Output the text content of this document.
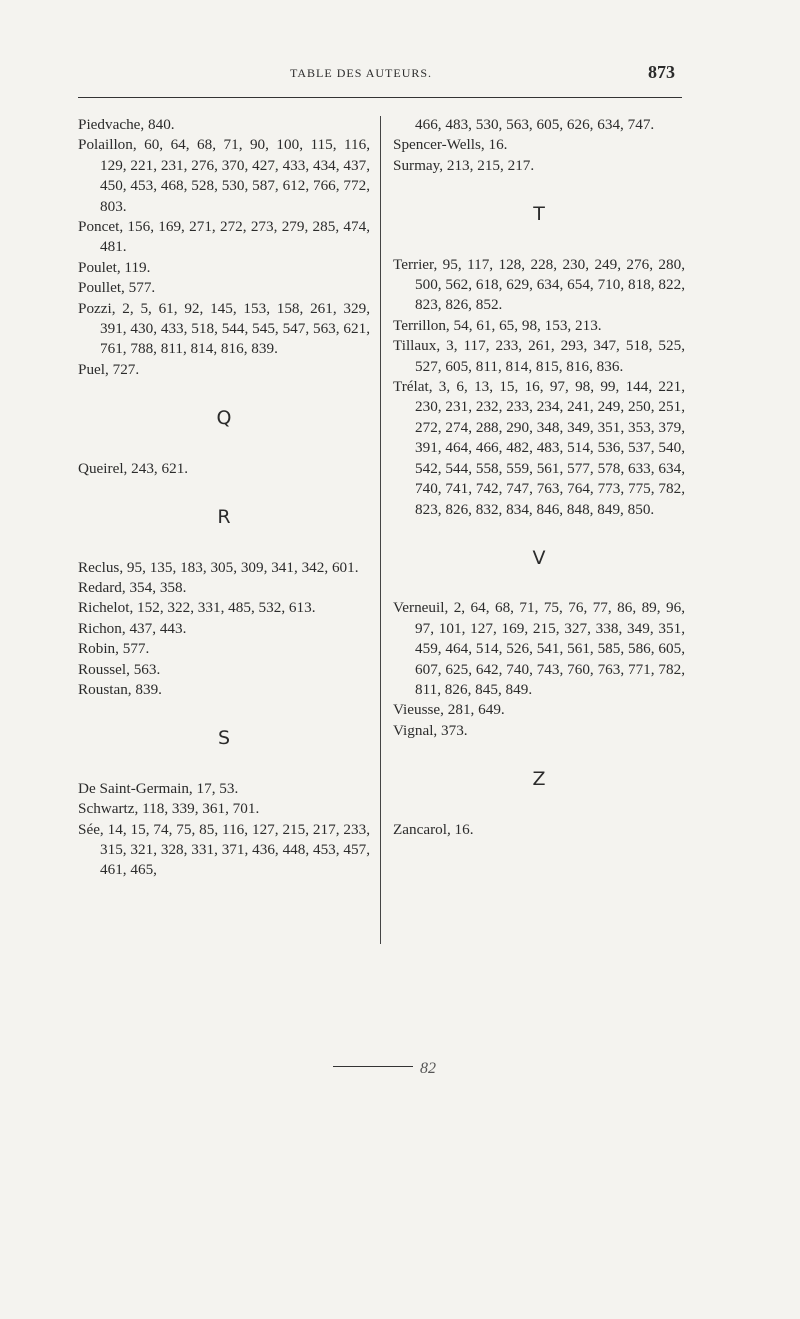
TABLE DES AUTEURS.	873
Piedvache, 840.
Polaillon, 60, 64, 68, 71, 90, 100, 115, 116, 129, 221, 231, 276, 370, 427, 433, 434, 437, 450, 453, 468, 528, 530, 587, 612, 766, 772, 803.
Poncet, 156, 169, 271, 272, 273, 279, 285, 474, 481.
Poulet, 119.
Poullet, 577.
Pozzi, 2, 5, 61, 92, 145, 153, 158, 261, 329, 391, 430, 433, 518, 544, 545, 547, 563, 621, 761, 788, 811, 814, 816, 839.
Puel, 727.
Q
Queirel, 243, 621.
R
Reclus, 95, 135, 183, 305, 309, 341, 342, 601.
Redard, 354, 358.
Richelot, 152, 322, 331, 485, 532, 613.
Richon, 437, 443.
Robin, 577.
Roussel, 563.
Roustan, 839.
S
De Saint-Germain, 17, 53.
Schwartz, 118, 339, 361, 701.
Sée, 14, 15, 74, 75, 85, 116, 127, 215, 217, 233, 315, 321, 328, 331, 371, 436, 448, 453, 457, 461, 465,
466, 483, 530, 563, 605, 626, 634, 747.
Spencer-Wells, 16.
Surmay, 213, 215, 217.
T
Terrier, 95, 117, 128, 228, 230, 249, 276, 280, 500, 562, 618, 629, 634, 654, 710, 818, 822, 823, 826, 852.
Terrillon, 54, 61, 65, 98, 153, 213.
Tillaux, 3, 117, 233, 261, 293, 347, 518, 525, 527, 605, 811, 814, 815, 816, 836.
Trélat, 3, 6, 13, 15, 16, 97, 98, 99, 144, 221, 230, 231, 232, 233, 234, 241, 249, 250, 251, 272, 274, 288, 290, 348, 349, 351, 353, 379, 391, 464, 466, 482, 483, 514, 536, 537, 540, 542, 544, 558, 559, 561, 577, 578, 633, 634, 740, 741, 742, 747, 763, 764, 773, 775, 782, 823, 826, 832, 834, 846, 848, 849, 850.
V
Verneuil, 2, 64, 68, 71, 75, 76, 77, 86, 89, 96, 97, 101, 127, 169, 215, 327, 338, 349, 351, 459, 464, 514, 526, 541, 561, 585, 586, 605, 607, 625, 642, 740, 743, 760, 763, 771, 782, 811, 826, 845, 849.
Vieusse, 281, 649.
Vignal, 373.
Z
Zancarol, 16.
82
